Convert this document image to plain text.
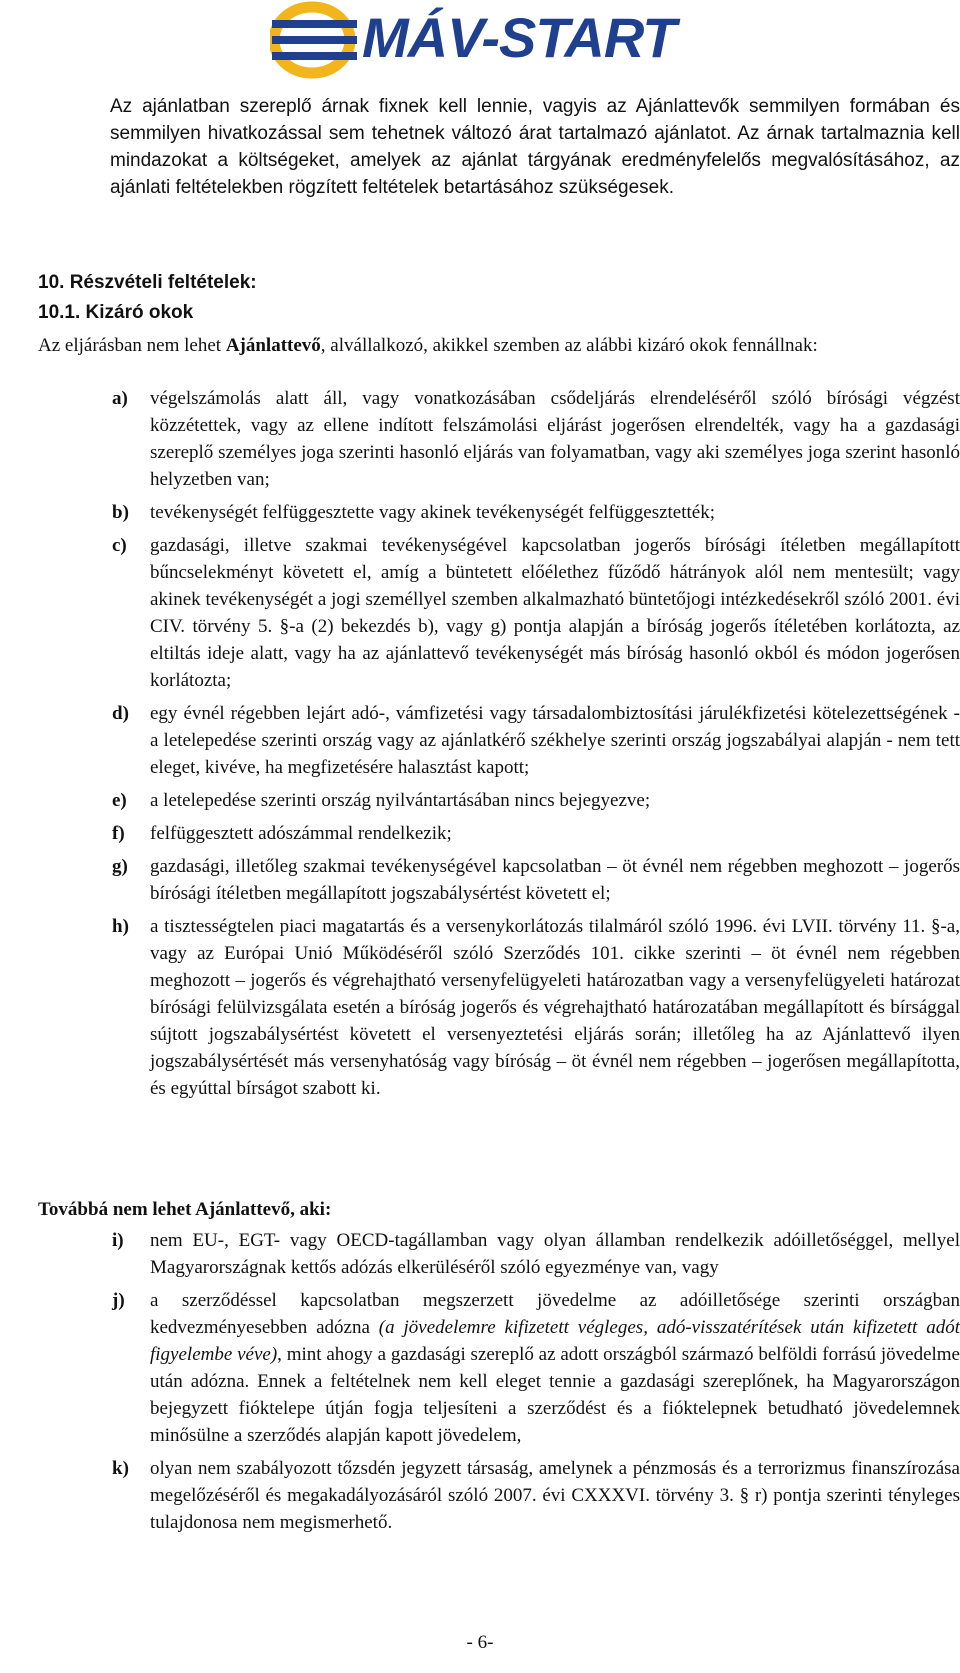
MÁV-START
Az ajánlatban szereplő árnak fixnek kell lennie, vagyis az Ajánlattevők semmilyen formában és semmilyen hivatkozással sem tehetnek változó árat tartalmazó ajánlatot. Az árnak tartalmaznia kell mindazokat a költségeket, amelyek az ajánlat tárgyának eredményfelelős megvalósításához, az ajánlati feltételekben rögzített feltételek betartásához szükségesek.
10. Részvételi feltételek:
10.1. Kizáró okok
Az eljárásban nem lehet Ajánlattevő, alvállalkozó, akikkel szemben az alábbi kizáró okok fennállnak:
a) végelszámolás alatt áll, vagy vonatkozásában csődeljárás elrendeléséről szóló bírósági végzést közzétettek, vagy az ellene indított felszámolási eljárást jogerősen elrendelték, vagy ha a gazdasági szereplő személyes joga szerinti hasonló eljárás van folyamatban, vagy aki személyes joga szerint hasonló helyzetben van;
b) tevékenységét felfüggesztette vagy akinek tevékenységét felfüggesztették;
c) gazdasági, illetve szakmai tevékenységével kapcsolatban jogerős bírósági ítéletben megállapított bűncselekményt követett el, amíg a büntetett előélethez fűződő hátrányok alól nem mentesült; vagy akinek tevékenységét a jogi személlyel szemben alkalmazható büntetőjogi intézkedésekről szóló 2001. évi CIV. törvény 5. §-a (2) bekezdés b), vagy g) pontja alapján a bíróság jogerős ítéletében korlátozta, az eltiltás ideje alatt, vagy ha az ajánlattevő tevékenységét más bíróság hasonló okból és módon jogerősen korlátozta;
d) egy évnél régebben lejárt adó-, vámfizetési vagy társadalombiztosítási járulékfizetési kötelezettségének - a letelepedése szerinti ország vagy az ajánlatkérő székhelye szerinti ország jogszabályai alapján - nem tett eleget, kivéve, ha megfizetésére halasztást kapott;
e) a letelepedése szerinti ország nyilvántartásában nincs bejegyezve;
f) felfüggesztett adószámmal rendelkezik;
g) gazdasági, illetőleg szakmai tevékenységével kapcsolatban – öt évnél nem régebben meghozott – jogerős bírósági ítéletben megállapított jogszabálysértést követett el;
h) a tisztességtelen piaci magatartás és a versenykorlátozás tilalmáról szóló 1996. évi LVII. törvény 11. §-a, vagy az Európai Unió Működéséről szóló Szerződés 101. cikke szerinti – öt évnél nem régebben meghozott – jogerős és végrehajtható versenyfelügyeleti határozatban vagy a versenyfelügyeleti határozat bírósági felülvizsgálata esetén a bíróság jogerős és végrehajtható határozatában megállapított és bírsággal sújtott jogszabálysértést követett el versenyeztetési eljárás során; illetőleg ha az Ajánlattevő ilyen jogszabálysértését más versenyhatóság vagy bíróság – öt évnél nem régebben – jogerősen megállapította, és egyúttal bírságot szabott ki.
Továbbá nem lehet Ajánlattevő, aki:
i) nem EU-, EGT- vagy OECD-tagállamban vagy olyan államban rendelkezik adóilletőséggel, mellyel Magyarországnak kettős adózás elkerüléséről szóló egyezménye van, vagy
j) a szerződéssel kapcsolatban megszerzett jövedelme az adóilletősége szerinti országban kedvezményesebben adózna (a jövedelemre kifizetett végleges, adó-visszatérítések után kifizetett adót figyelembe véve), mint ahogy a gazdasági szereplő az adott országból származó belföldi forrású jövedelme után adózna. Ennek a feltételnek nem kell eleget tennie a gazdasági szereplőnek, ha Magyarországon bejegyzett fióktelepe útján fogja teljesíteni a szerződést és a fióktelepnek betudható jövedelemnek minősülne a szerződés alapján kapott jövedelem,
k) olyan nem szabályozott tőzsdén jegyzett társaság, amelynek a pénzmosás és a terrorizmus finanszírozása megelőzéséről és megakadályozásáról szóló 2007. évi CXXXVI. törvény 3. § r) pontja szerinti tényleges tulajdonosa nem megismerhető.
- 6-
